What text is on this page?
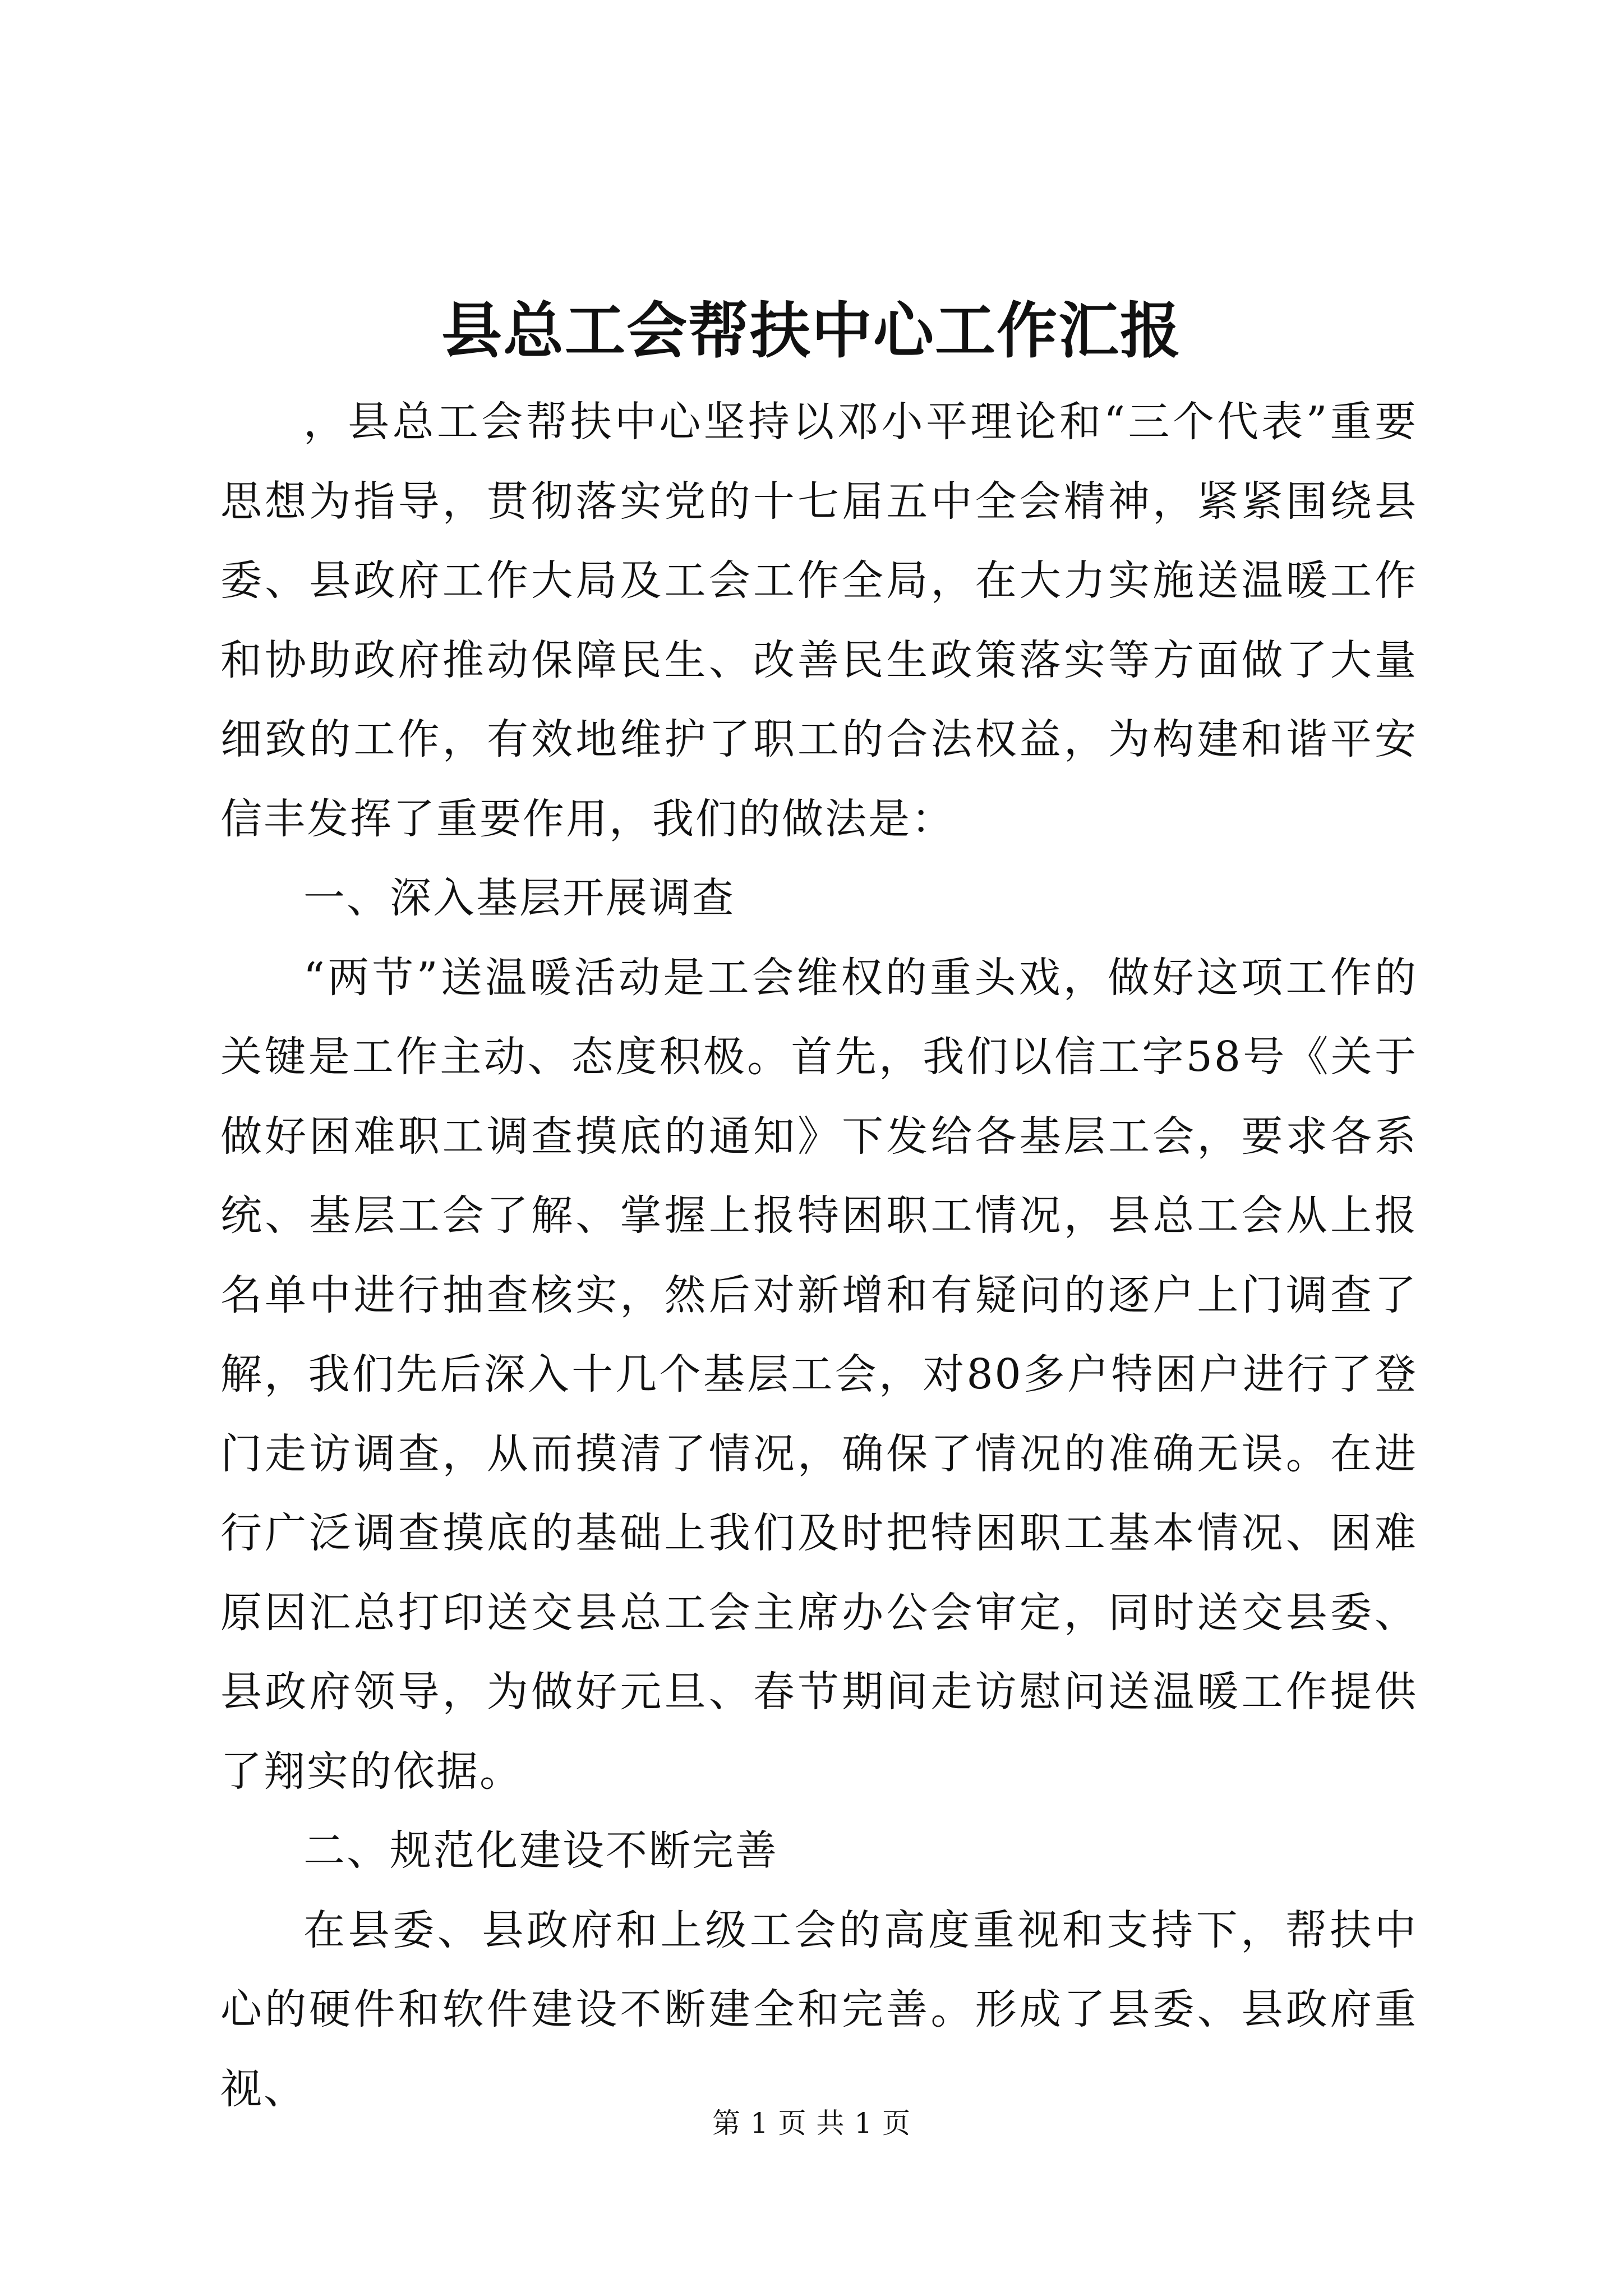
县总工会帮扶中心工作汇报

，县总工会帮扶中心坚持以邓小平理论和“三个代表”重要思想为指导，贯彻落实党的十七届五中全会精神，紧紧围绕县委、县政府工作大局及工会工作全局，在大力实施送温暖工作和协助政府推动保障民生、改善民生政策落实等方面做了大量细致的工作，有效地维护了职工的合法权益，为构建和谐平安信丰发挥了重要作用，我们的做法是：

一、深入基层开展调查

“两节”送温暖活动是工会维权的重头戏，做好这项工作的关键是工作主动、态度积极。首先，我们以信工字58号《关于做好困难职工调查摸底的通知》下发给各基层工会，要求各系统、基层工会了解、掌握上报特困职工情况，县总工会从上报名单中进行抽查核实，然后对新增和有疑问的逐户上门调查了解，我们先后深入十几个基层工会，对80多户特困户进行了登门走访调查，从而摸清了情况，确保了情况的准确无误。在进行广泛调查摸底的基础上我们及时把特困职工基本情况、困难原因汇总打印送交县总工会主席办公会审定，同时送交县委、县政府领导，为做好元旦、春节期间走访慰问送温暖工作提供了翔实的依据。

二、规范化建设不断完善

在县委、县政府和上级工会的高度重视和支持下，帮扶中心的硬件和软件建设不断建全和完善。形成了县委、县政府重视、

第 1 页 共 1 页
